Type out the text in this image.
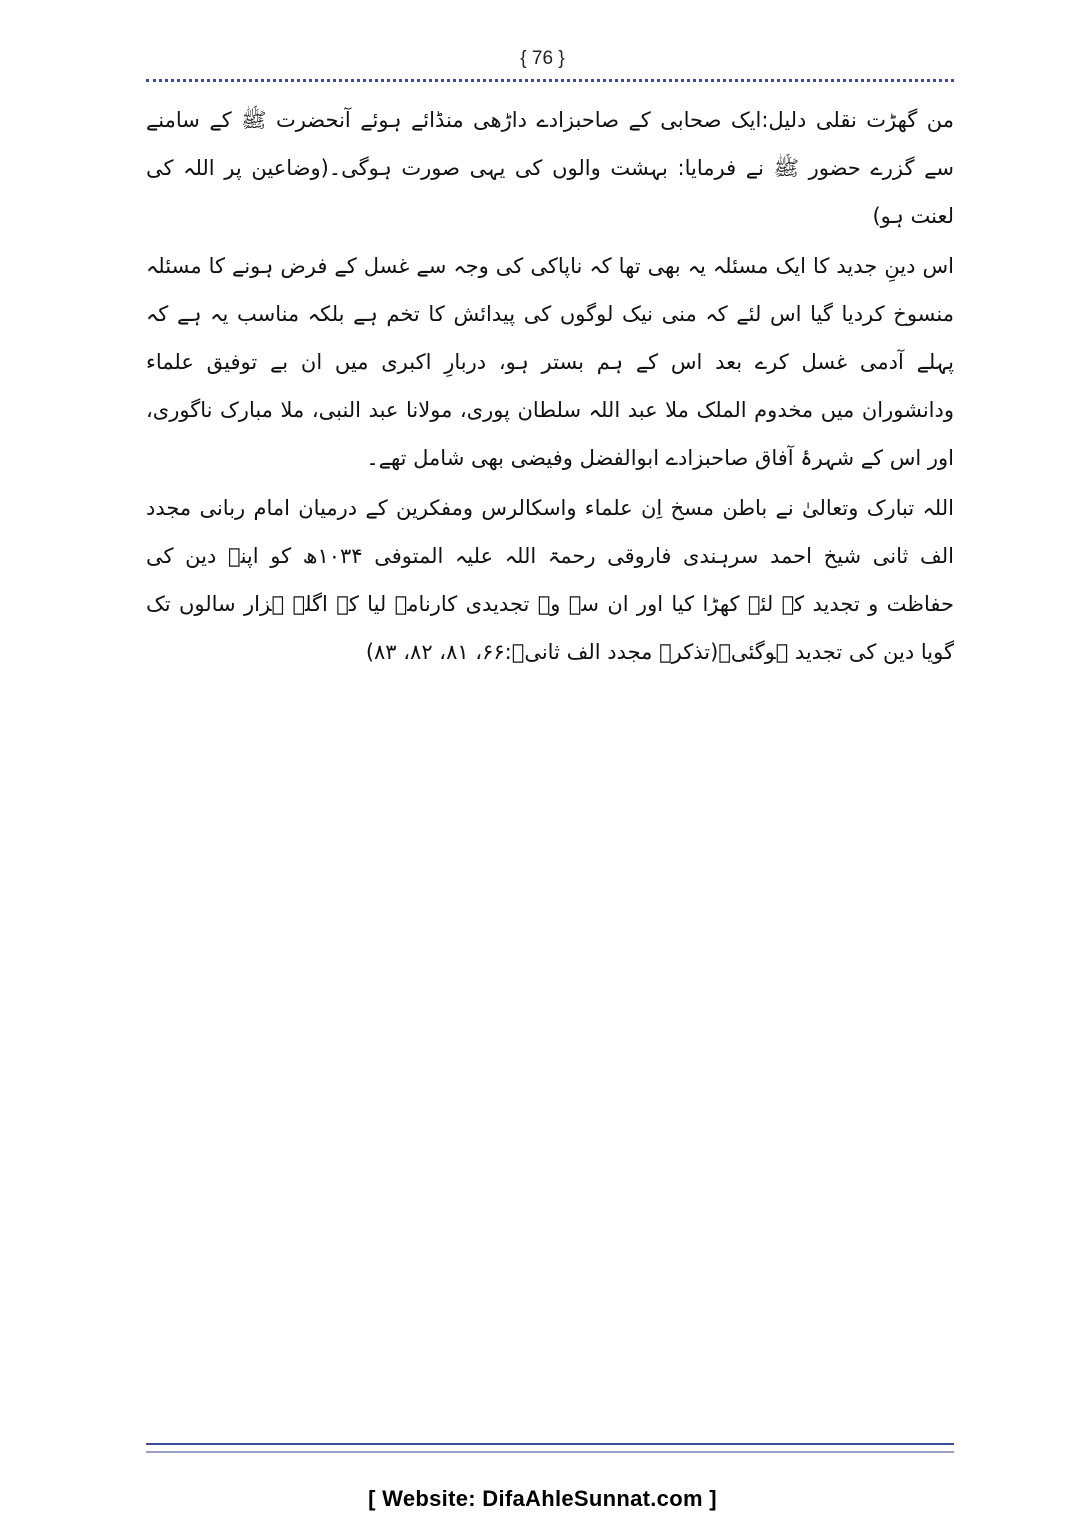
{ 76 }

من گھڑت نقلی دلیل:ایک صحابی کے صاحبزادے داڑھی منڈائے ہوئے آنحضرت ﷺ کے سامنے سے گزرے حضور ﷺ نے فرمایا: بہشت والوں کی یہی صورت ہوگی۔(وضاعین پر اللہ کی لعنت ہو)

اس دینِ جدید کا ایک مسئلہ یہ بھی تھا کہ ناپاکی کی وجہ سے غسل کے فرض ہونے کا مسئلہ منسوخ کردیا گیا اس لئے کہ منی نیک لوگوں کی پیدائش کا تخم ہے بلکہ مناسب یہ ہے کہ پہلے آدمی غسل کرے بعد اس کے ہم بستر ہو، دربارِ اکبری میں ان بے توفیق علماء ودانشوران میں مخدوم الملک ملا عبد اللہ سلطان پوری، مولانا عبد النبی، ملا مبارک ناگوری، اور اس کے شہرۂ آفاق صاحبزادے ابوالفضل وفیضی بھی شامل تھے۔

اللہ تبارک وتعالیٰ نے باطن مسخ اِن علماء واسکالرس ومفکرین کے درمیان امام ربانی مجدد الف ثانی شیخ احمد سرہندی فاروقی رحمۃ اللہ علیہ المتوفی ۱۰۳۴ھ کو اپنے دین کی حفاظت و تجدید کے لئے کھڑا کیا اور ان سے وہ تجدیدی کارنامہ لیا کہ اگلے ہزار سالوں تک گویا دین کی تجدید ہوگئی۔(تذکرہ مجدد الف ثانیؒ:۶۶، ۸۱، ۸۲، ۸۳)

[ Website: DifaAhleSunnat.com ]
